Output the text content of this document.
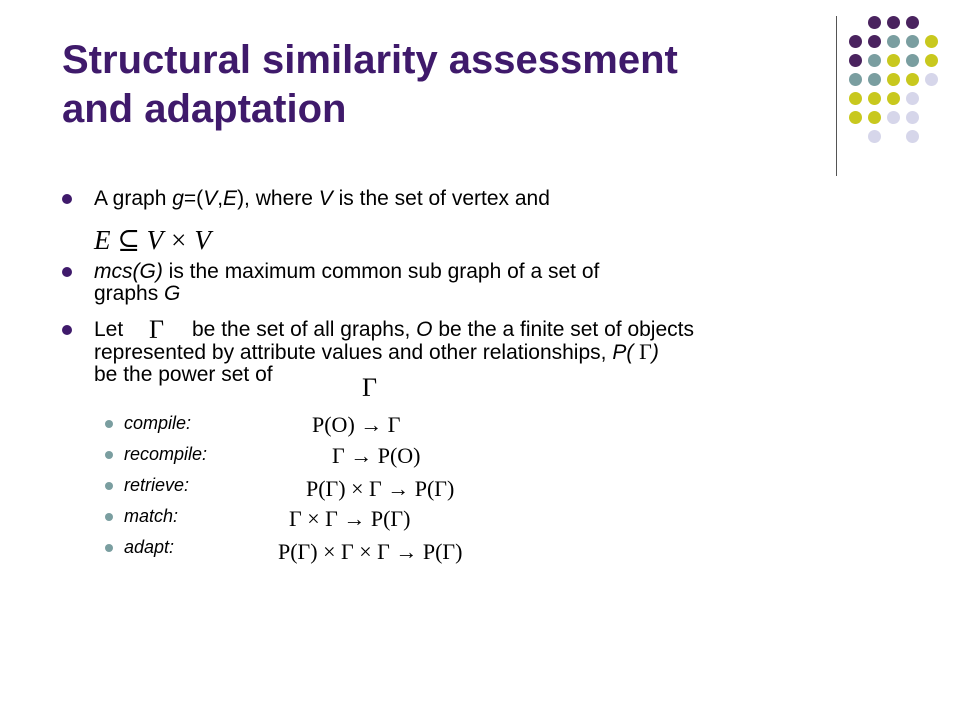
Structural similarity assessment
and adaptation
A graph g=(V,E), where V is the set of vertex and
E ⊆ V × V
mcs(G) is the maximum common sub graph of a set of
graphs G
Let Γ be the set of all graphs, O be the a finite set of objects
represented by attribute values and other relationships, P( Γ)
be the power set of	Γ
compile:	P(O) → Γ
recompile:	Γ → P(O)
retrieve:	P(Γ) × Γ → P(Γ)
match:	Γ × Γ → P(Γ)
adapt:	P(Γ) × Γ × Γ → P(Γ)
